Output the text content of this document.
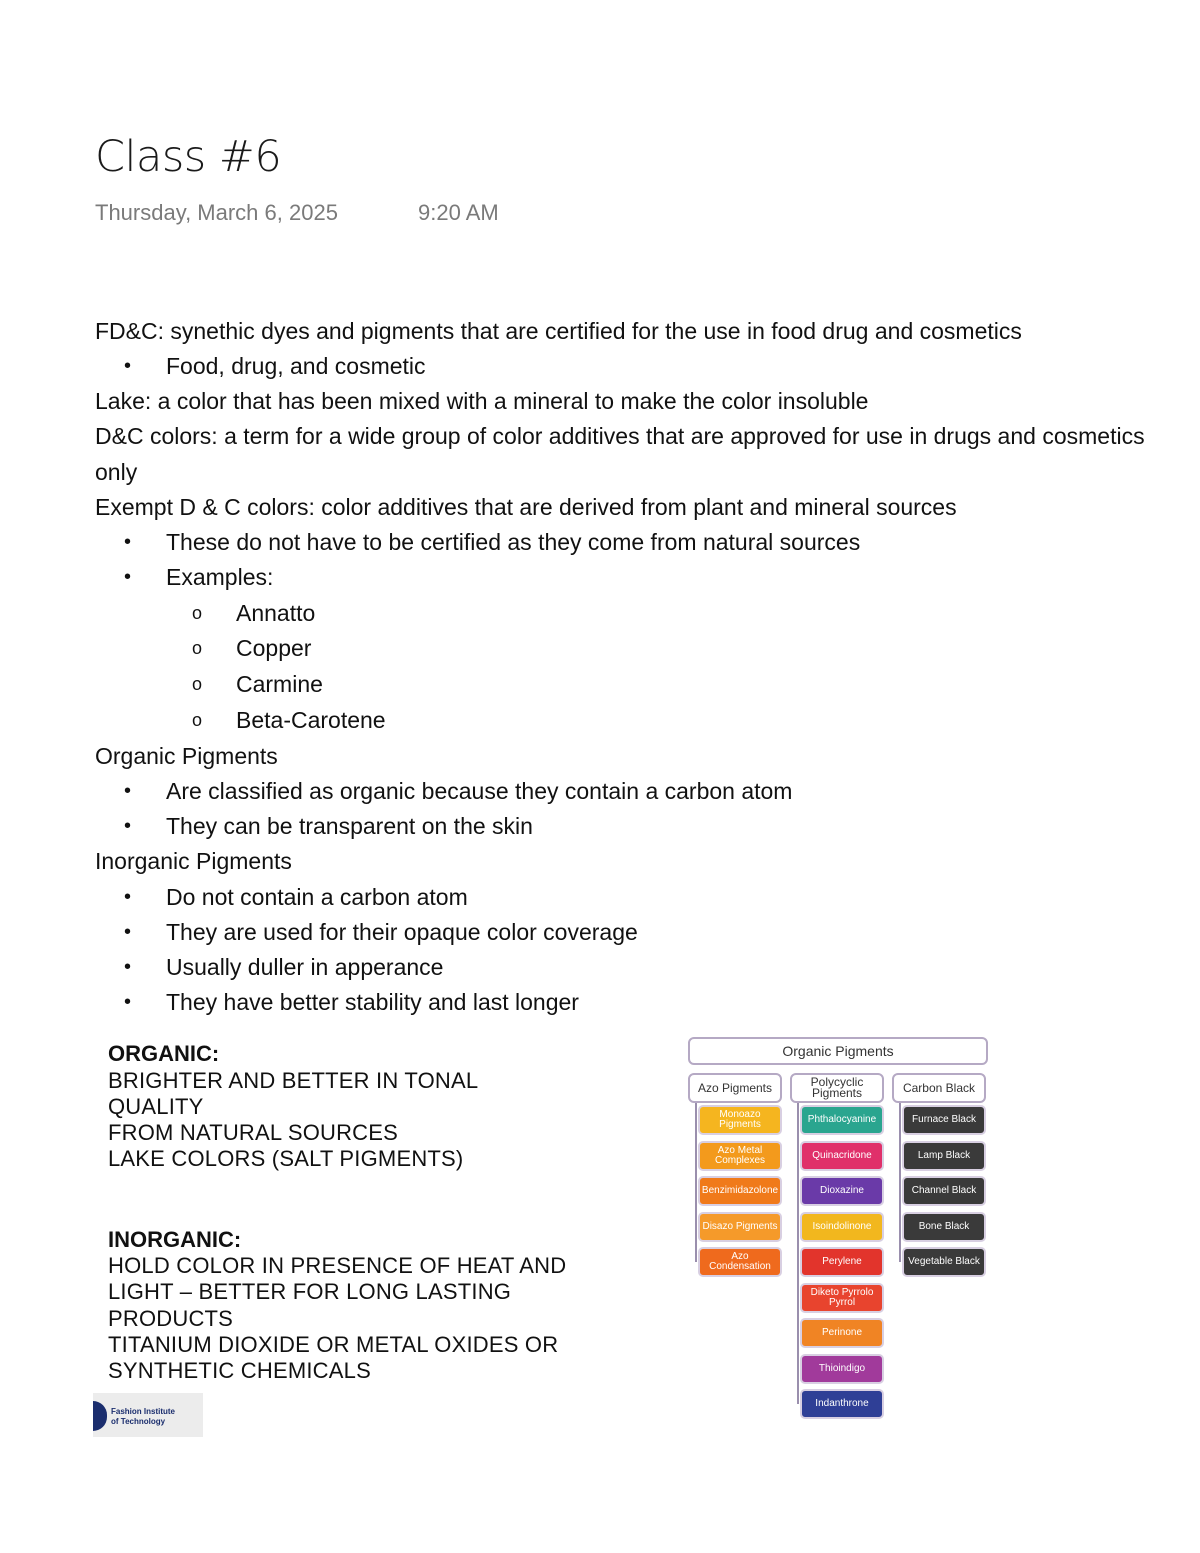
Class #6
Thursday, March 6, 2025	9:20 AM
FD&C: synethic dyes and pigments that are certified for the use in food drug and cosmetics
• Food, drug, and cosmetic
Lake: a color that has been mixed with a mineral to make the color insoluble
D&C colors: a term for a wide group of color additives that are approved for use in drugs and cosmetics
only
Exempt D & C colors: color additives that are derived from plant and mineral sources
• These do not have to be certified as they come from natural sources
• Examples:
o Annatto
o Copper
o Carmine
o Beta-Carotene
Organic Pigments
• Are classified as organic because they contain a carbon atom
• They can be transparent on the skin
Inorganic Pigments
• Do not contain a carbon atom
• They are used for their opaque color coverage
• Usually duller in apperance
• They have better stability and last longer
ORGANIC:
BRIGHTER AND BETTER IN TONAL
QUALITY
FROM NATURAL SOURCES
LAKE COLORS (SALT PIGMENTS)
INORGANIC:
HOLD COLOR IN PRESENCE OF HEAT AND
LIGHT – BETTER FOR LONG LASTING
PRODUCTS
TITANIUM DIOXIDE OR METAL OXIDES OR
SYNTHETIC CHEMICALS
Fashion Institute
of Technology
Organic Pigments
Azo Pigments
Monoazo Pigments
Azo Metal Complexes
Benzimidazolone
Disazo Pigments
Azo Condensation
Polycyclic Pigments
Phthalocyanine
Quinacridone
Dioxazine
Isoindolinone
Perylene
Diketo Pyrrolo Pyrrol
Perinone
Thioindigo
Indanthrone
Carbon Black
Furnace Black
Lamp Black
Channel Black
Bone Black
Vegetable Black
